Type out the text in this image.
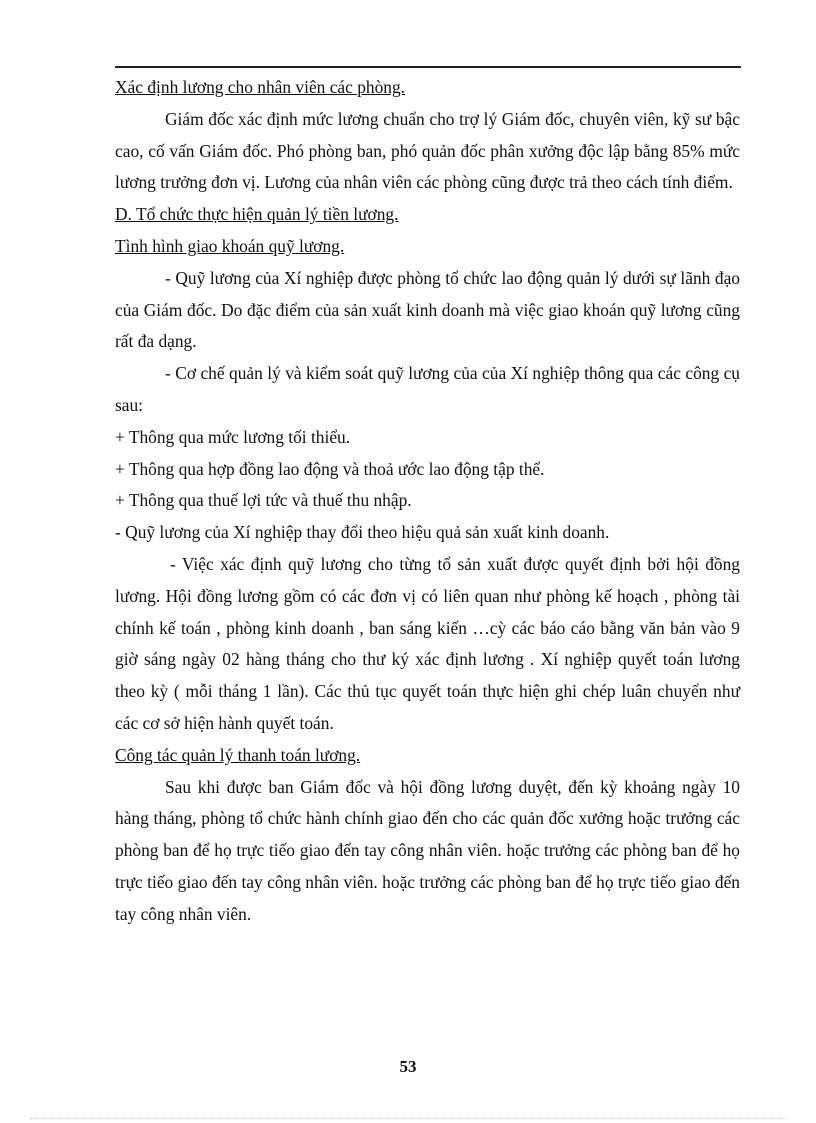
Xác định lương cho nhân viên các phòng.

Giám đốc xác định mức lương chuẩn cho trợ lý Giám đốc, chuyên viên, kỹ sư bậc cao, cố vấn Giám đốc. Phó phòng ban, phó quản đốc phân xưởng độc lập bằng 85% mức lương trưởng đơn vị. Lương của nhân viên các phòng cũng được trả theo cách tính điểm.

D. Tổ chức thực hiện quản lý tiền lương.

Tình hình giao khoán quỹ lương.

- Quỹ lương của Xí nghiệp được phòng tổ chức lao động quản lý dưới sự lãnh đạo của Giám đốc. Do đặc điểm của sản xuất kinh doanh mà việc giao khoán quỹ lương cũng rất đa dạng.

- Cơ chế quản lý và kiểm soát quỹ lương của của Xí nghiệp thông qua các công cụ sau:

+ Thông qua mức lương tối thiểu.

+ Thông qua hợp đồng lao động và thoả ước lao động tập thể.

+ Thông qua thuế lợi tức và thuế thu nhập.

- Quỹ lương của Xí nghiệp thay đổi theo hiệu quả sản xuất kinh doanh.

- Việc xác định quỹ lương cho từng tổ sản xuất được quyết định bởi hội đồng lương. Hội đồng lương gồm có các đơn vị có liên quan như phòng kế hoạch , phòng tài chính kế toán , phòng kinh doanh , ban sáng kiến …cỳ các báo cáo bằng văn bản vào 9 giờ sáng ngày 02 hàng tháng cho thư ký xác định lương . Xí nghiệp quyết toán lương theo kỳ ( mỗi tháng 1 lần). Các thủ tục quyết toán thực hiện ghi chép luân chuyển như các cơ sở hiện hành quyết toán.

Công tác quản lý thanh toán lương.

Sau khi được ban Giám đốc và hội đồng lương duyệt, đến kỳ khoảng ngày 10 hàng tháng, phòng tổ chức hành chính giao đến cho các quản đốc xưởng hoặc trưởng các phòng ban để họ trực tiếo giao đến tay công nhân viên. hoặc trưởng các phòng ban để họ trực tiếo giao đến tay công nhân viên. hoặc trưởng các phòng ban để họ trực tiếo giao đến tay công nhân viên.

53
